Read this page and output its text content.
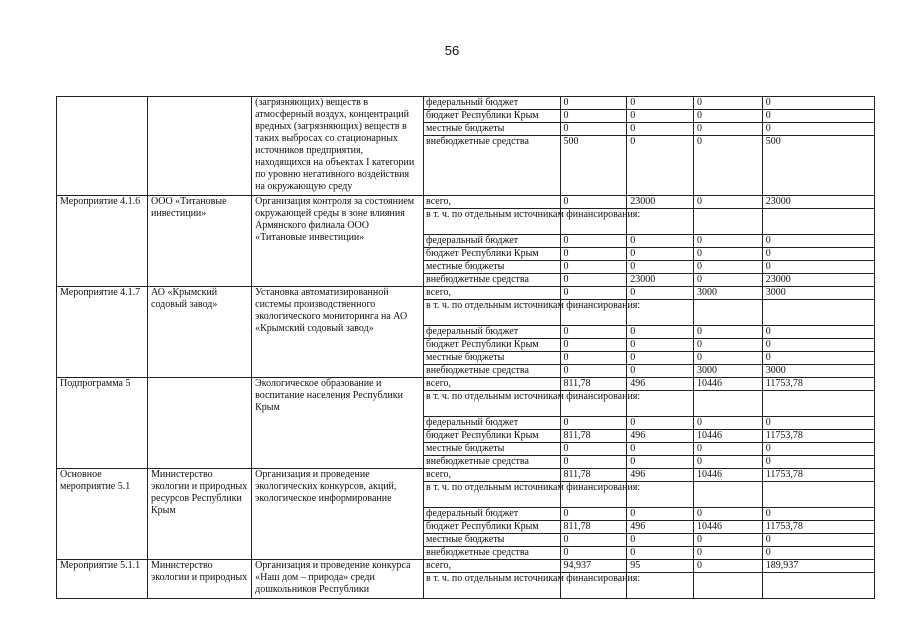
56
		(загрязняющих) веществ в атмосферный воздух, концентраций вредных (загрязняющих) веществ в таких выбросах со стационарных источников предприятия, находящихся на объектах I категории по уровню негативного воздействия на окружающую среду	федеральный бюджет	0	0	0	0
			бюджет Республики Крым	0	0	0	0
			местные бюджеты	0	0	0	0
			внебюджетные средства	500	0	0	500
Мероприятие 4.1.6	ООО «Титановые инвестиции»	Организация контроля за состоянием окружающей среды в зоне влияния Армянского филиала ООО «Титановые инвестиции»	всего,	0	23000	0	23000
			в т. ч. по отдельным источникам финансирования:				
			федеральный бюджет	0	0	0	0
			бюджет Республики Крым	0	0	0	0
			местные бюджеты	0	0	0	0
			внебюджетные средства	0	23000	0	23000
Мероприятие 4.1.7	АО «Крымский содовый завод»	Установка автоматизированной системы производственного экологического мониторинга на АО «Крымский содовый завод»	всего,	0	0	3000	3000
			в т. ч. по отдельным источникам финансирования:				
			федеральный бюджет	0	0	0	0
			бюджет Республики Крым	0	0	0	0
			местные бюджеты	0	0	0	0
			внебюджетные средства	0	0	3000	3000
Подпрограмма 5		Экологическое образование и воспитание населения Республики Крым	всего,	811,78	496	10446	11753,78
			в т. ч. по отдельным источникам финансирования:				
			федеральный бюджет	0	0	0	0
			бюджет Республики Крым	811,78	496	10446	11753,78
			местные бюджеты	0	0	0	0
			внебюджетные средства	0	0	0	0
Основное мероприятие 5.1	Министерство экологии и природных ресурсов Республики Крым	Организация и проведение экологических конкурсов, акций, экологическое информирование	всего,	811,78	496	10446	11753,78
			в т. ч. по отдельным источникам финансирования:				
			федеральный бюджет	0	0	0	0
			бюджет Республики Крым	811,78	496	10446	11753,78
			местные бюджеты	0	0	0	0
			внебюджетные средства	0	0	0	0
Мероприятие 5.1.1	Министерство экологии и природных	Организация и проведение конкурса «Наш дом – природа» среди дошкольников Республики	всего,	94,937	95	0	189,937
			в т. ч. по отдельным источникам финансирования:				
